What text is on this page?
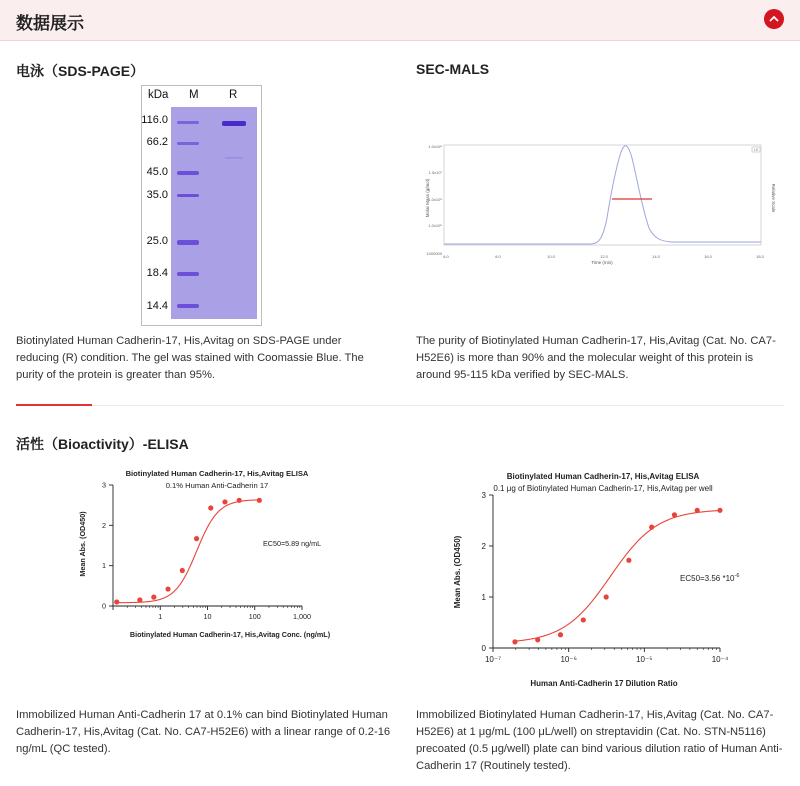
数据展示
电泳（SDS-PAGE）
kDa M	R
116.0
66.2
45.0
35.0
25.0
18.4
14.4
Biotinylated Human Cadherin-17, His,Avitag on SDS-PAGE under reducing (R) condition. The gel was stained with Coomassie Blue. The purity of the protein is greater than 95%.
SEC-MALS
LS
Molar Mass (g/mol)	Relative Scale
Time (min)
1000000
1.0x10⁵
1.0x10⁶
1.0x10⁷
1.0x10⁸
6.0	8.0	10.0	12.0	14.0	16.0	18.0
The purity of Biotinylated Human Cadherin-17, His,Avitag (Cat. No. CA7-H52E6) is more than 90% and the molecular weight of this protein is around 95-115 kDa verified by SEC-MALS.
活性（Bioactivity）-ELISA
Biotinylated Human Cadherin-17, His,Avitag ELISA
0.1% Human Anti-Cadherin 17
Mean Abs. (OD450)
Biotinylated Human Cadherin-17, His,Avitag Conc. (ng/mL)
EC50=5.89 ng/mL
0
1
2
3
1	10	100	1,000
Biotinylated Human Cadherin-17, His,Avitag ELISA
0.1 μg of Biotinylated Human Cadherin-17, His,Avitag per well
Mean Abs. (OD450)
Human Anti-Cadherin 17 Dilution Ratio
EC50=3.56 $*10^{-6}$
0
1
2
3
10⁻⁷	10⁻⁶	10⁻⁵	10⁻⁴
Immobilized Human Anti-Cadherin 17 at 0.1% can bind Biotinylated Human Cadherin-17, His,Avitag (Cat. No. CA7-H52E6) with a linear range of 0.2-16 ng/mL (QC tested).
Immobilized Biotinylated Human Cadherin-17, His,Avitag (Cat. No. CA7-H52E6) at 1 μg/mL (100 μL/well) on streptavidin (Cat. No. STN-N5116) precoated (0.5 μg/well) plate can bind various dilution ratio of Human Anti-Cadherin 17 (Routinely tested).
